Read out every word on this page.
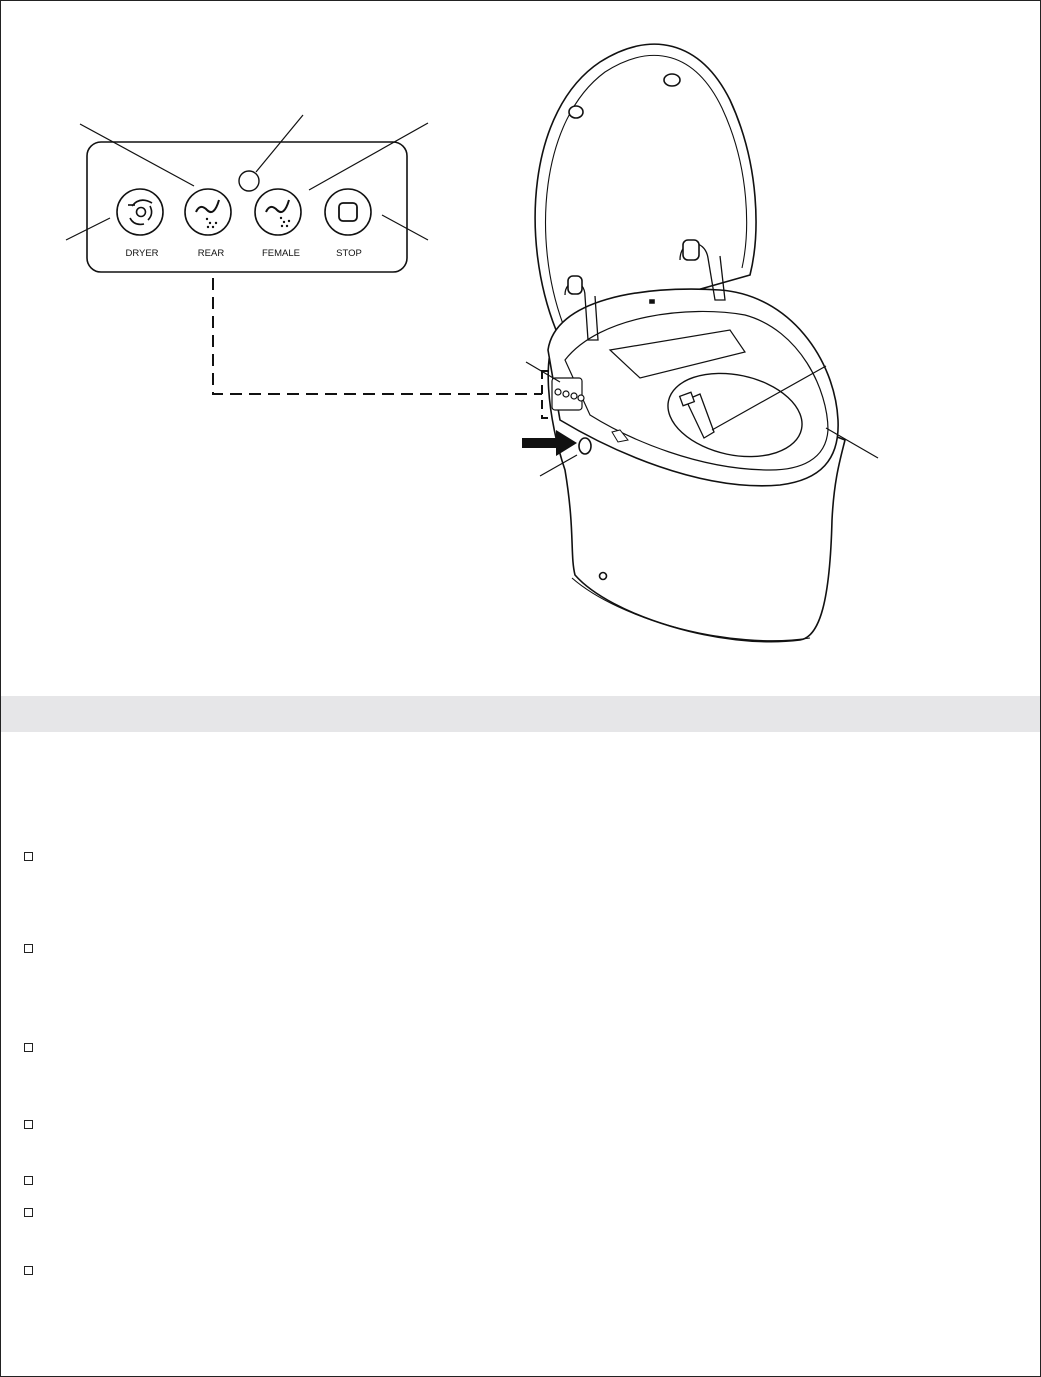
DRYER	REAR	FEMALE	STOP
